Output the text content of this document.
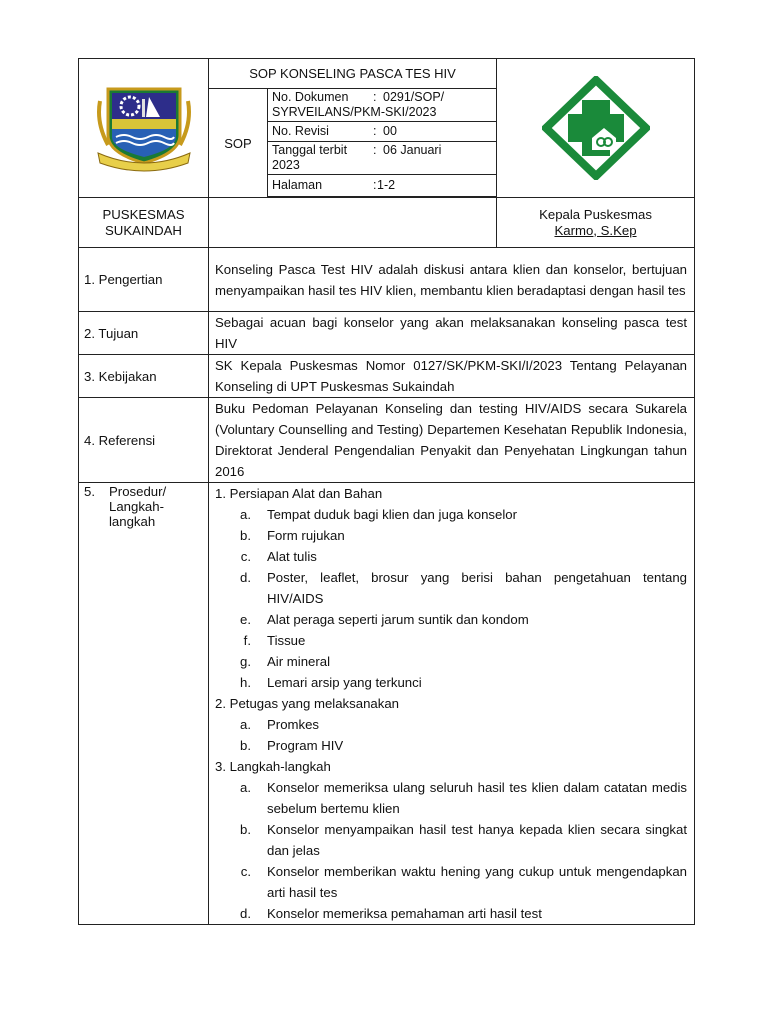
	SOP KONSELING PASCA TES HIV	

SOP	
No. Dokumen	: 0291/SOP/
SYRVEILANS/PKM-SKI/2023

No. Revisi	: 00

Tanggal terbit	: 06 Januari
2023

Halaman	: 1-2

PUSKESMAS
SUKAINDAH		
Kepala Puskesmas
Karmo, S.Kep

1. Pengertian	Konseling Pasca Test HIV adalah diskusi antara klien dan konselor, bertujuan menyampaikan hasil tes HIV klien, membantu klien beradaptasi dengan hasil tes
2. Tujuan	Sebagai acuan bagi konselor yang akan melaksanakan konseling pasca test HIV
3. Kebijakan	SK Kepala Puskesmas Nomor 0127/SK/PKM-SKI/I/2023 Tentang Pelayanan Konseling di UPT Puskesmas Sukaindah
4. Referensi	Buku Pedoman Pelayanan Konseling dan testing HIV/AIDS secara Sukarela (Voluntary Counselling and Testing) Departemen Kesehatan Republik Indonesia, Direktorat Jenderal Pengendalian Penyakit dan Penyehatan Lingkungan tahun 2016

5.	Prosedur/
Langkah-
langkah

1. Persiapan Alat dan Bahan
a.	Tempat duduk bagi klien dan juga konselor
b.	Form rujukan
c.	Alat tulis
d.	Poster, leaflet, brosur yang berisi bahan pengetahuan tentang HIV/AIDS
e.	Alat peraga seperti jarum suntik dan kondom
f.	Tissue
g.	Air mineral
h.	Lemari arsip yang terkunci
2. Petugas yang melaksanakan
a.	Promkes
b.	Program HIV
3. Langkah-langkah
a.	Konselor memeriksa ulang seluruh hasil tes klien dalam catatan medis sebelum bertemu klien
b.	Konselor menyampaikan hasil test hanya kepada klien secara singkat dan jelas
c.	Konselor memberikan waktu hening yang cukup untuk mengendapkan arti hasil tes
d.	Konselor memeriksa pemahaman arti hasil test
